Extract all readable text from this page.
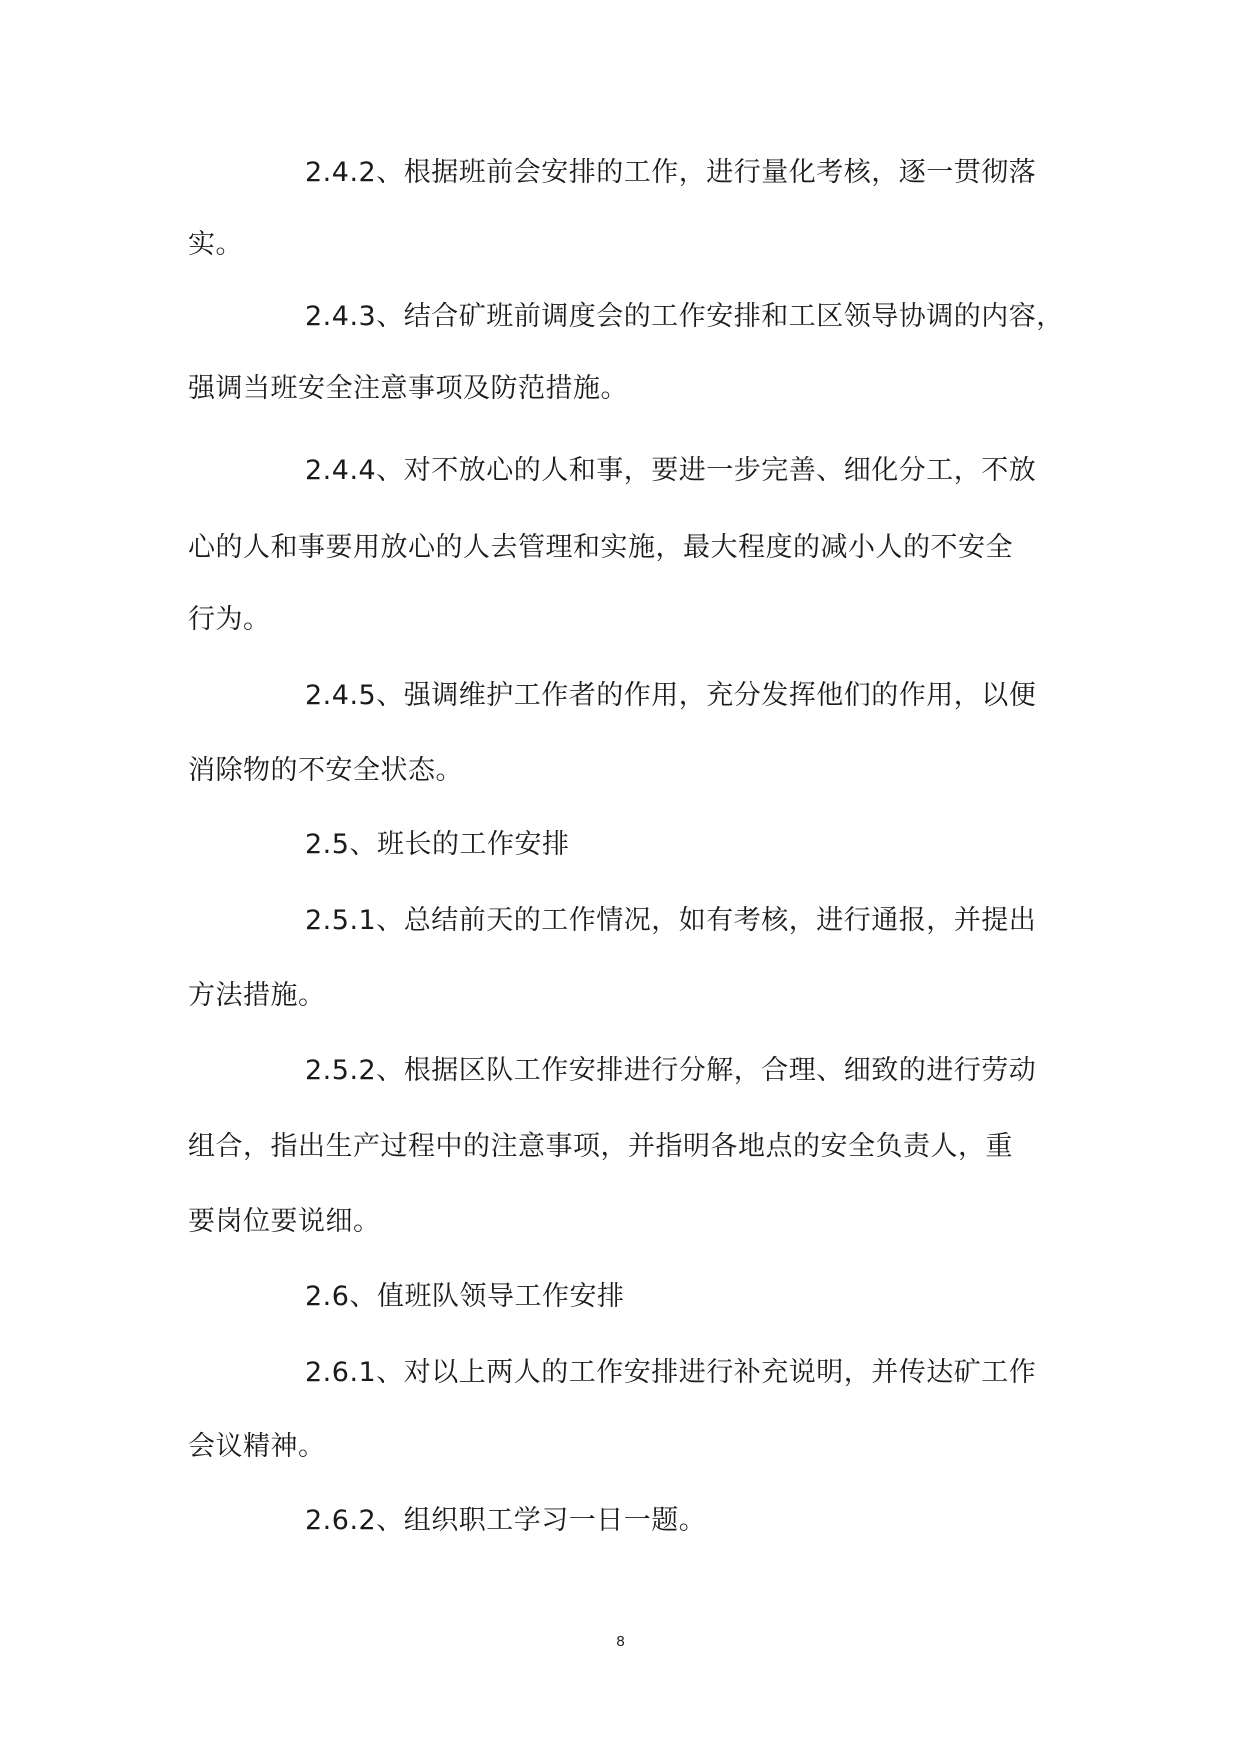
2.4.2、根据班前会安排的工作，进行量化考核，逐一贯彻落
实。
2.4.3、结合矿班前调度会的工作安排和工区领导协调的内容，
强调当班安全注意事项及防范措施。
2.4.4、对不放心的人和事，要进一步完善、细化分工，不放
心的人和事要用放心的人去管理和实施，最大程度的减小人的不安全
行为。
2.4.5、强调维护工作者的作用，充分发挥他们的作用，以便
消除物的不安全状态。
2.5、班长的工作安排
2.5.1、总结前天的工作情况，如有考核，进行通报，并提出
方法措施。
2.5.2、根据区队工作安排进行分解，合理、细致的进行劳动
组合，指出生产过程中的注意事项，并指明各地点的安全负责人，重
要岗位要说细。
2.6、值班队领导工作安排
2.6.1、对以上两人的工作安排进行补充说明，并传达矿工作
会议精神。
2.6.2、组织职工学习一日一题。
8
